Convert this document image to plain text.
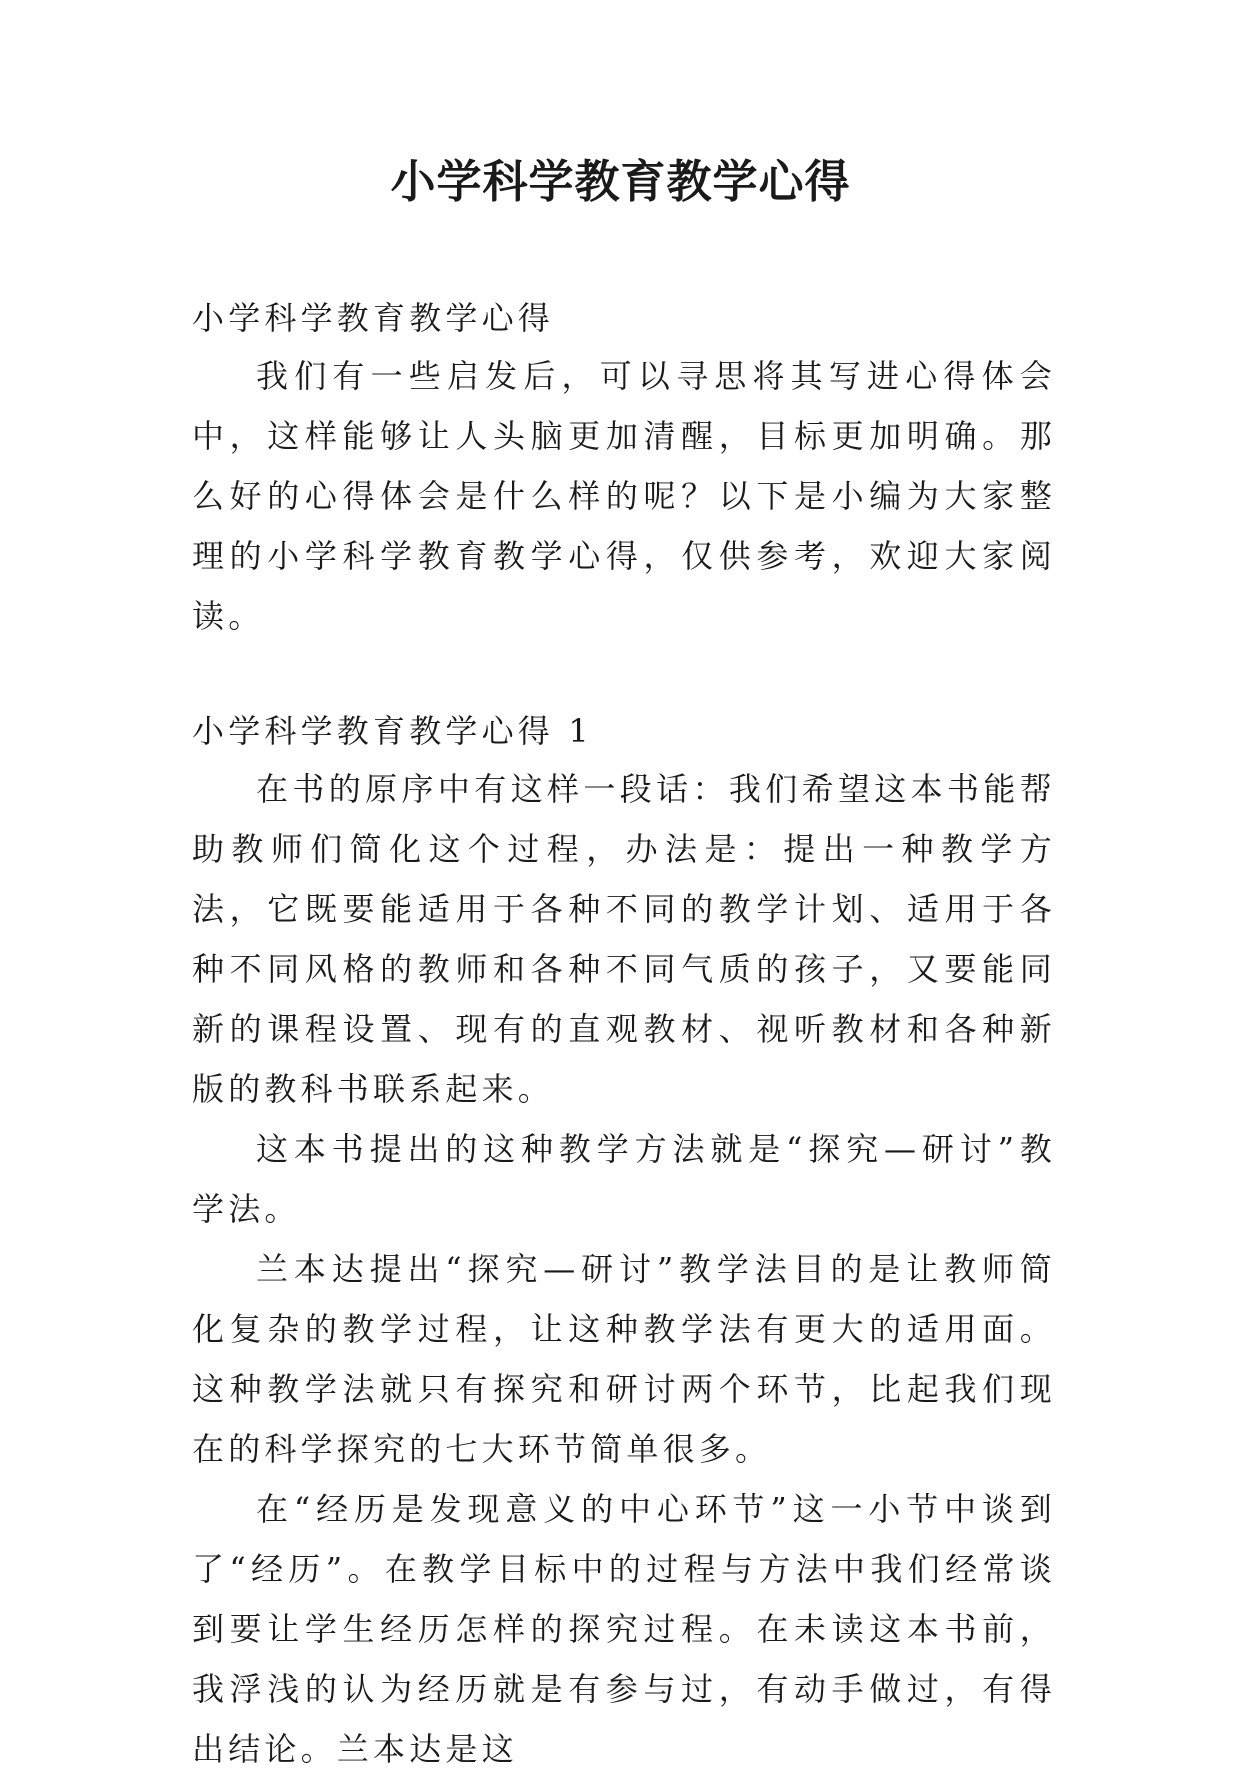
小学科学教育教学心得
小学科学教育教学心得

我们有一些启发后，可以寻思将其写进心得体会中，这样能够让人头脑更加清醒，目标更加明确。那么好的心得体会是什么样的呢？以下是小编为大家整理的小学科学教育教学心得，仅供参考，欢迎大家阅读。

小学科学教育教学心得 1

在书的原序中有这样一段话：我们希望这本书能帮助教师们简化这个过程，办法是：提出一种教学方法，它既要能适用于各种不同的教学计划、适用于各种不同风格的教师和各种不同气质的孩子，又要能同新的课程设置、现有的直观教材、视听教材和各种新版的教科书联系起来。

这本书提出的这种教学方法就是“探究—研讨”教学法。

兰本达提出“探究—研讨”教学法目的是让教师简化复杂的教学过程，让这种教学法有更大的适用面。这种教学法就只有探究和研讨两个环节，比起我们现在的科学探究的七大环节简单很多。

在“经历是发现意义的中心环节”这一小节中谈到了“经历”。在教学目标中的过程与方法中我们经常谈到要让学生经历怎样的探究过程。在未读这本书前，我浮浅的认为经历就是有参与过，有动手做过，有得出结论。兰本达是这
